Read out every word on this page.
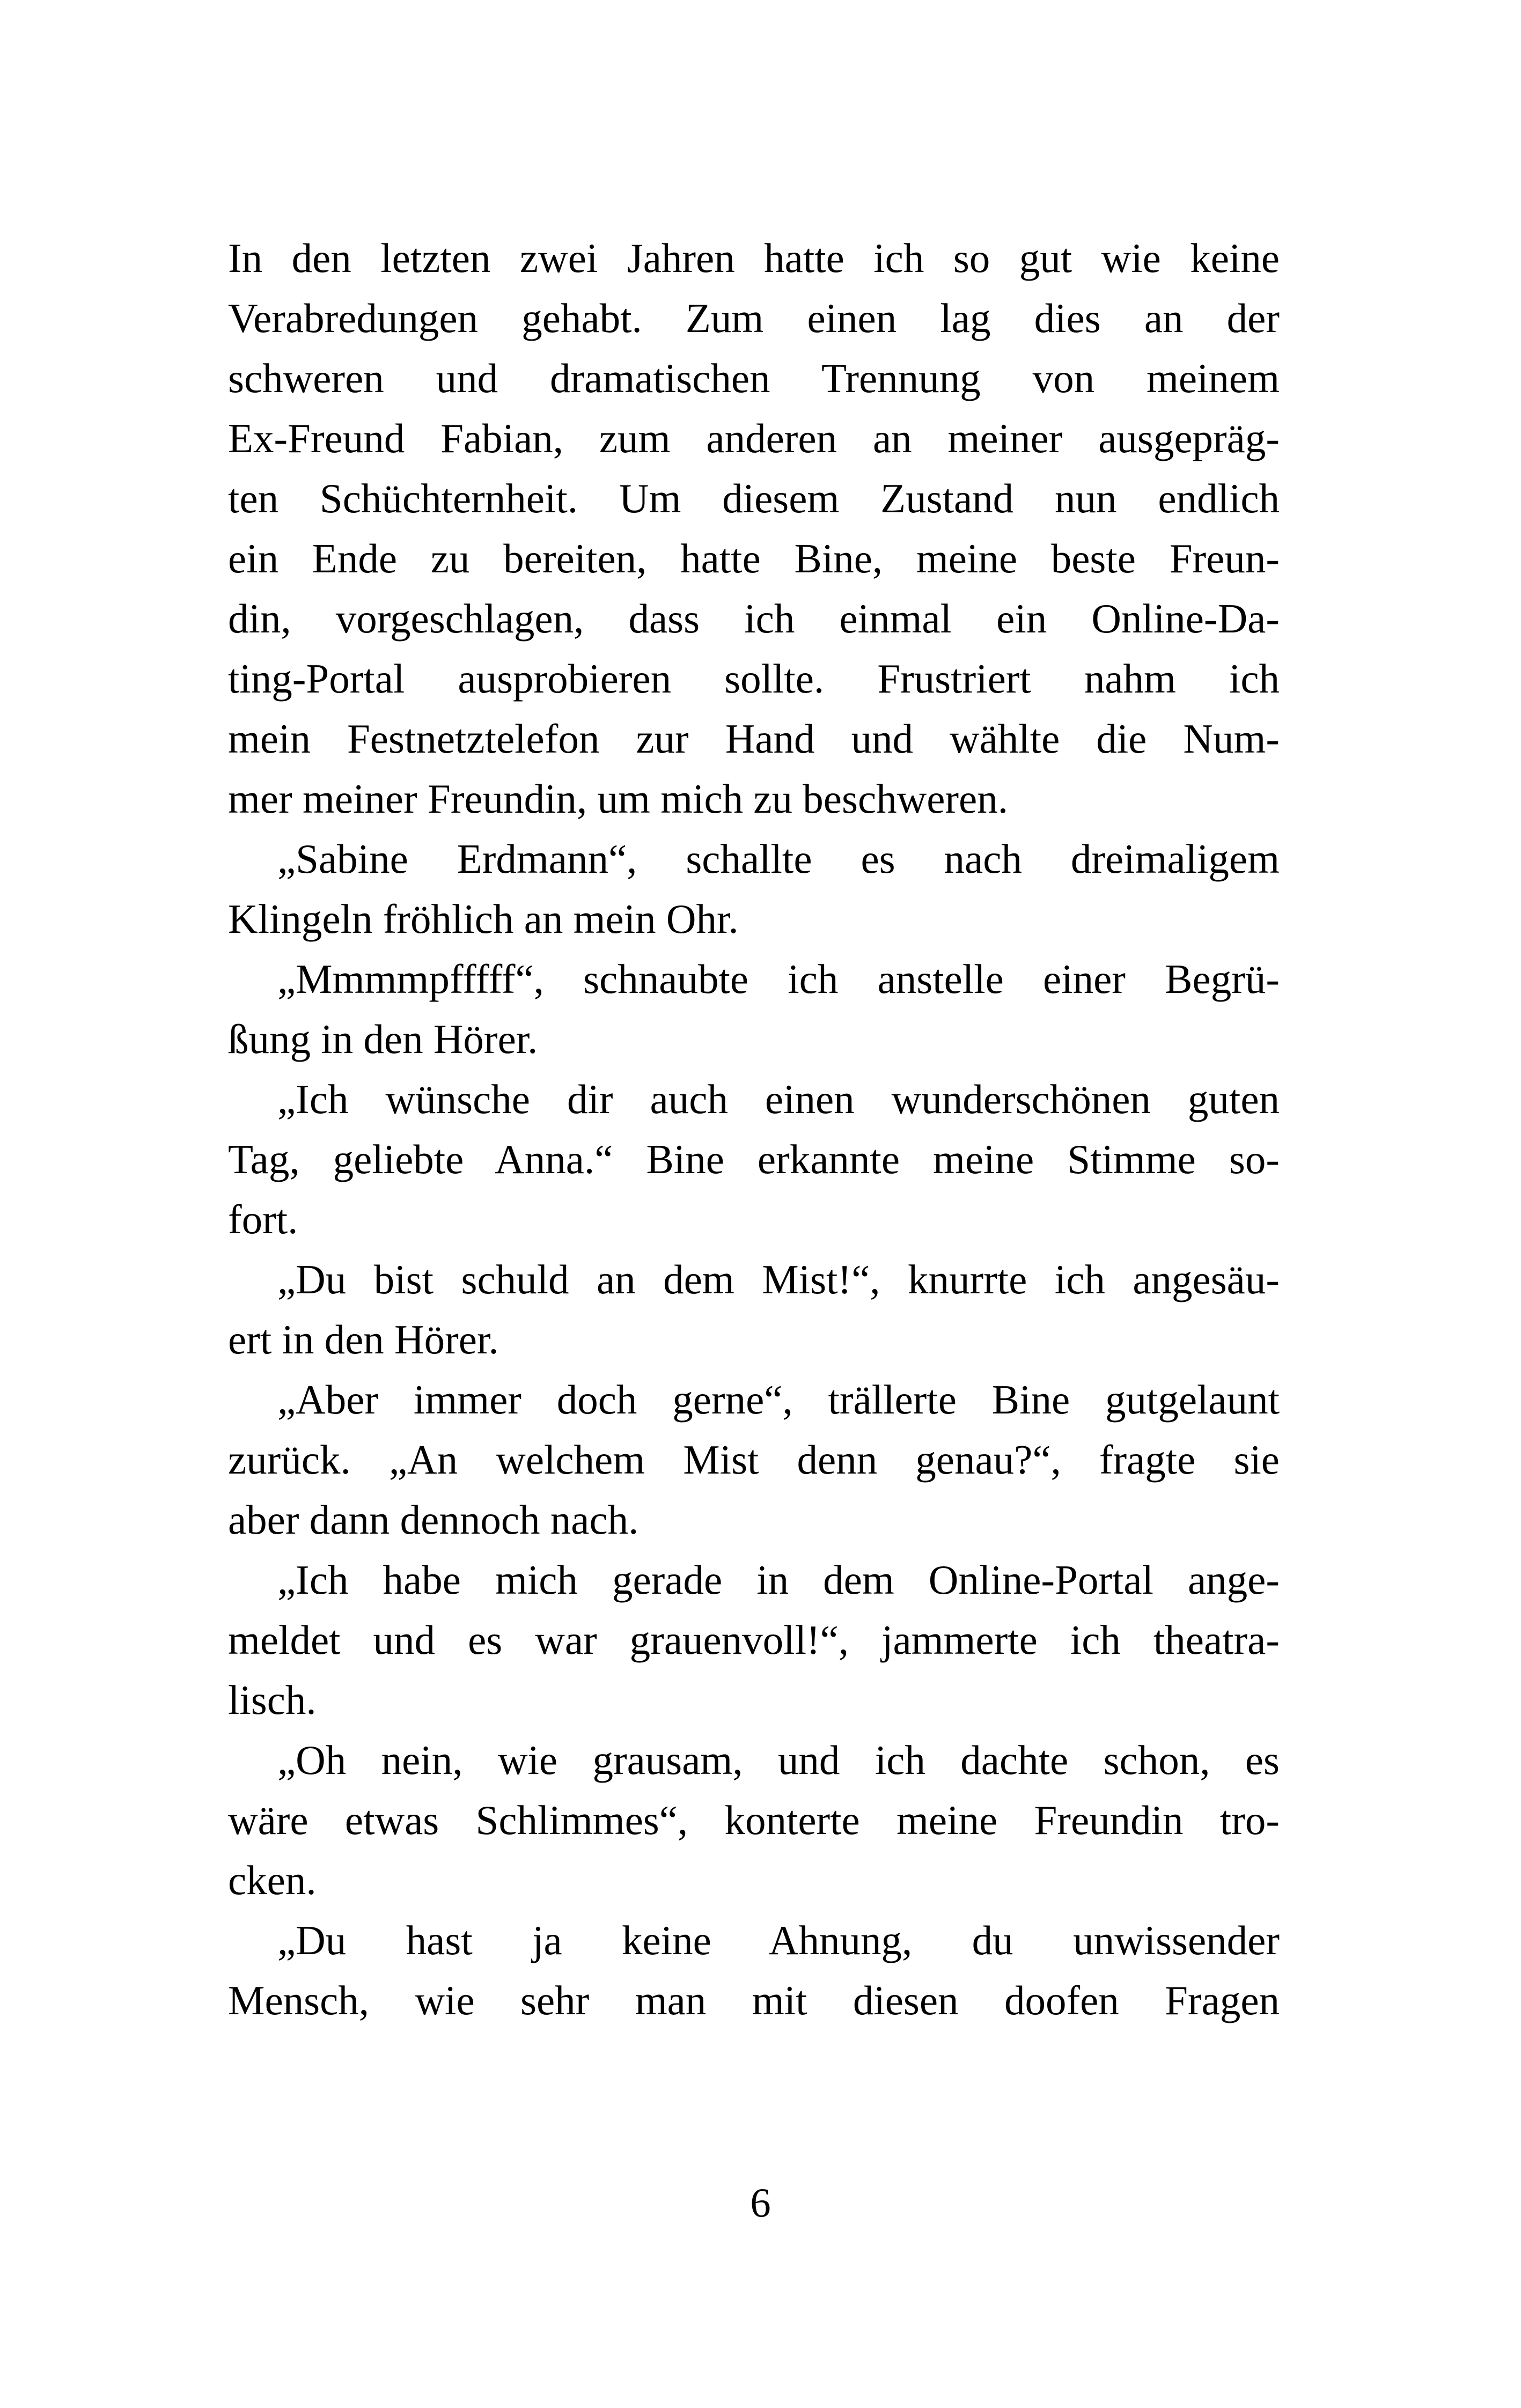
In den letzten zwei Jahren hatte ich so gut wie keine
Verabredungen gehabt. Zum einen lag dies an der
schweren und dramatischen Trennung von meinem
Ex-Freund Fabian, zum anderen an meiner ausgepräg-
ten Schüchternheit. Um diesem Zustand nun endlich
ein Ende zu bereiten, hatte Bine, meine beste Freun-
din, vorgeschlagen, dass ich einmal ein Online-Da-
ting-Portal ausprobieren sollte. Frustriert nahm ich
mein Festnetztelefon zur Hand und wählte die Num-
mer meiner Freundin, um mich zu beschweren.
„Sabine Erdmann“, schallte es nach dreimaligem
Klingeln fröhlich an mein Ohr.
„Mmmmpfffff“, schnaubte ich anstelle einer Begrü-
ßung in den Hörer.
„Ich wünsche dir auch einen wunderschönen guten
Tag, geliebte Anna.“ Bine erkannte meine Stimme so-
fort.
„Du bist schuld an dem Mist!“, knurrte ich angesäu-
ert in den Hörer.
„Aber immer doch gerne“, trällerte Bine gutgelaunt
zurück. „An welchem Mist denn genau?“, fragte sie
aber dann dennoch nach.
„Ich habe mich gerade in dem Online-Portal ange-
meldet und es war grauenvoll!“, jammerte ich theatra-
lisch.
„Oh nein, wie grausam, und ich dachte schon, es
wäre etwas Schlimmes“, konterte meine Freundin tro-
cken.
„Du hast ja keine Ahnung, du unwissender
Mensch, wie sehr man mit diesen doofen Fragen
6
